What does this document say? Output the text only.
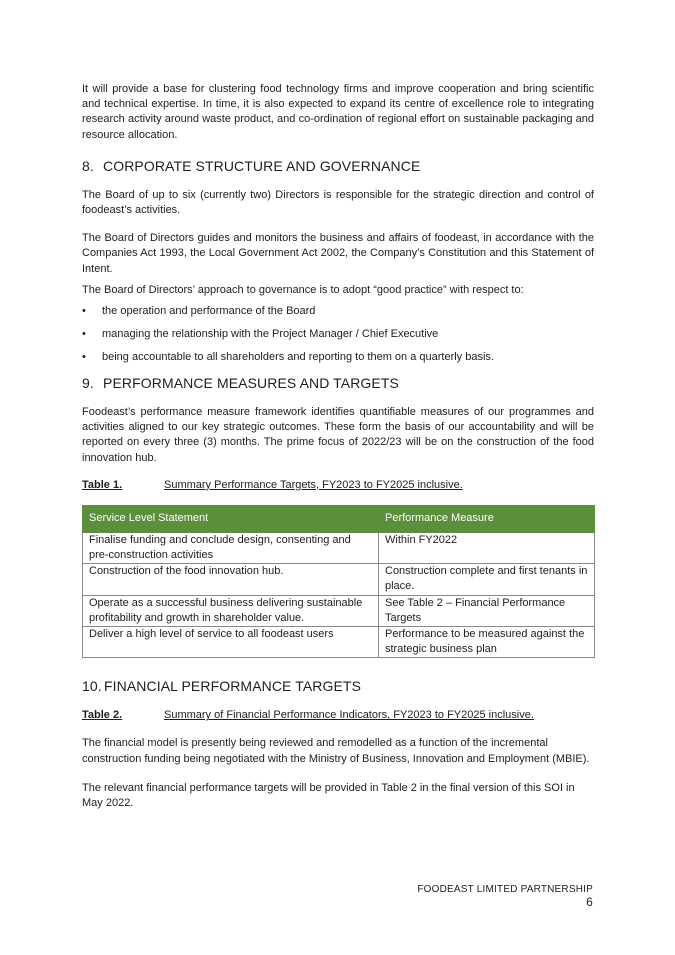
It will provide a base for clustering food technology firms and improve cooperation and bring scientific and technical expertise. In time, it is also expected to expand its centre of excellence role to integrating research activity around waste product, and co-ordination of regional effort on sustainable packaging and resource allocation.

8. CORPORATE STRUCTURE AND GOVERNANCE

The Board of up to six (currently two) Directors is responsible for the strategic direction and control of foodeast’s activities.

The Board of Directors guides and monitors the business and affairs of foodeast, in accordance with the Companies Act 1993, the Local Government Act 2002, the Company’s Constitution and this Statement of Intent.

The Board of Directors’ approach to governance is to adopt “good practice” with respect to:

•	the operation and performance of the Board
•	managing the relationship with the Project Manager / Chief Executive
•	being accountable to all shareholders and reporting to them on a quarterly basis.
9. PERFORMANCE MEASURES AND TARGETS

Foodeast’s performance measure framework identifies quantifiable measures of our programmes and activities aligned to our key strategic outcomes. These form the basis of our accountability and will be reported on every three (3) months. The prime focus of 2022/23 will be on the construction of the food innovation hub.

Table 1.	Summary Performance Targets, FY2023 to FY2025 inclusive.
Service Level Statement	Performance Measure
Finalise funding and conclude design, consenting and pre-construction activities	Within FY2022
Construction of the food innovation hub.	Construction complete and first tenants in place.
Operate as a successful business delivering sustainable profitability and growth in shareholder value.	See Table 2 – Financial Performance Targets
Deliver a high level of service to all foodeast users	Performance to be measured against the strategic business plan
10. FINANCIAL PERFORMANCE TARGETS
Table 2.	Summary of Financial Performance Indicators, FY2023 to FY2025 inclusive.

The financial model is presently being reviewed and remodelled as a function of the incremental construction funding being negotiated with the Ministry of Business, Innovation and Employment (MBIE).

The relevant financial performance targets will be provided in Table 2 in the final version of this SOI in May 2022.

FOODEAST LIMITED PARTNERSHIP
6
